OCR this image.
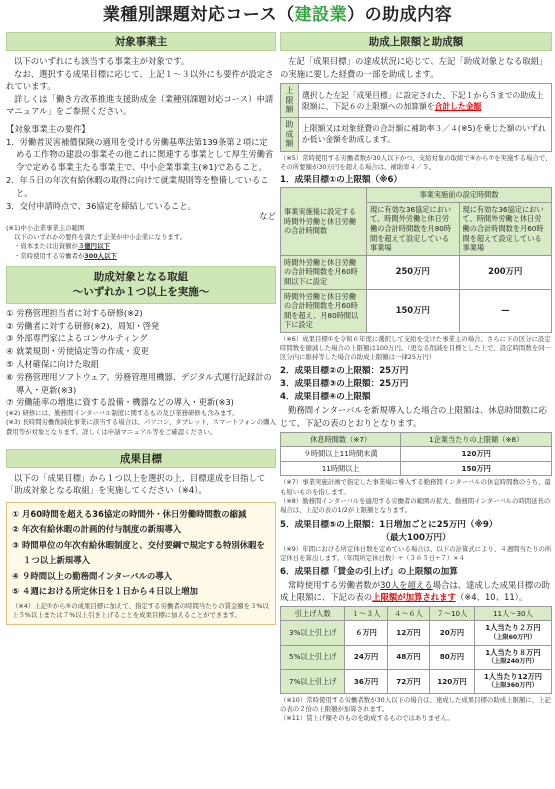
業種別課題対応コース（建設業）の助成内容
対象事業主

以下のいずれにも該当する事業主が対象です。

なお、選択する成果目標に応じて、上記１～３以外にも要件が設定されています。

詳しくは「働き方改革推進支援助成金（業種別課題対応コース）申請マニュアル」をご参照ください。

【対象事業主の要件】

1．労働者災害補償保険の適用を受ける労働基準法第139条第２項に定める工作物の建設の事業その他これに関連する事業として厚生労働省令で定める事業主たる事業主で、中小企業事業主(※1)であること。
2．年５日の年次有給休暇の取得に向けて就業規則等を整備していること。
3．交付申請時点で、36協定を締結していること。

など

(※1)中小企業事業主の範囲
以下のいずれかの要件を満たす企業が中小企業になります。
・資本または出資額が３億円以下
・常時使用する労働者が300人以下
助成対象となる取組
～いずれか１つ以上を実施～
① 労務管理担当者に対する研修(※2)
② 労働者に対する研修(※2)、周知・啓発
③ 外部専門家によるコンサルティング
④ 就業規則・労使協定等の作成・変更
⑤ 人材確保に向けた取組
⑥ 労務管理用ソフトウェア、労務管理用機器、デジタル式運行記録計の導入・更新(※3)
⑦ 労働能率の増進に資する設備・機器などの導入・更新(※3)
(※2) 研修には、勤務間インターバル制度に関するもの及び業務研修も含みます。
(※3) 長時間労働削減化事業に該当する場合は、パソコン、タブレット、スマートフォンの購入費用等が対象となります。詳しくは申請マニュアル等をご確認ください。
成果目標

以下の「成果目標」から１つ以上を選択の上、目標達成を目指して「助成対象となる取組」を実施してください（※4）。

① 月60時間を超える36協定の時間外・休日労働時間数の縮減
② 年次有給休暇の計画的付与制度の新規導入
③ 時間単位の年次有給休暇制度と、交付要綱で規定する特別休暇を１つ以上新規導入
④ ９時間以上の勤務間インターバルの導入
⑤ ４週における所定休日を１日から４日以上増加
（※4）上記①から⑤の成果目標に加えて、指定する労働者の時間当たりの賃金額を３%以上５%以上または７%以上引き上げることを成果目標に加えることができます。
助成上限額と助成額

左記「成果目標」の達成状況に応じて、左記「助成対象となる取組」の実施に要した経費の一部を助成します。

上限額	選択した左記「成果目標」に設定された、下記１から５までの助成上限額に、下記６の上限額への加算額を合計した金額
助成額	上限額又は対象経費の合計額に補助率３／４(※5)を乗じた額のいずれか低い金額を助成します。
（※5）常時使用する労働者数が30人以下かつ、支給対象の取組で⑥から⑦を実施する場合で、その所要額が30万円を超える場合は、補助率４／５。
1．成果目標①の上限額（※6）
事業実施後に設定する時間外労働と休日労働の合計時間数	事業実施前の設定時間数	
	現に有効な36協定において、時間外労働と休日労働の合計時間数を月80時間を超えて設定している事業場	現に有効な36協定において、時間外労働と休日労働の合計時間数を月60時間を超えて設定している事業場
時間外労働と休日労働の合計時間数を月60時間以下に設定	250万円	200万円
時間外労働と休日労働の合計時間数を月60時間を超え、月80時間以下に設定	150万円	—
（※6）成果目標①を令和６年度に選択して支給を受けた事業主の場合、さらに下の区分に設定時間数を縮減した場合の上限額は100万円。（更なる削減を目標とした上で、設定時間数を同一区分内に維持等した場合の助成上限額は一律25万円）
2．成果目標②の上限額：25万円
3．成果目標③の上限額：25万円
4．成果目標④の上限額

勤務間インターバルを新規導入した場合の上限額は、休息時間数に応じて、下記の表のとおりとなります。

休息時間数（※7）	1企業当たりの上限額（※8）
９時間以上11時間未満	120万円
11時間以上	150万円
（※7）事業実施計画で指定した事業場に導入する勤務間インターバルの休息時間数のうち、最も短いものを指します。
（※8）勤務間インターバルを適用する労働者の範囲の拡大、勤務間インターバルの時間延長の場合は、上記の表の1/2が上限額となります。
5．成果目標⑤の上限額：1日増加ごとに25万円（※9）
（最大100万円）
（※9）年間における所定休日数を定めている場合は、以下の計算式により、４週間当たりの所定休日を算出します。（年間所定休日数）÷（３６５日÷７）×４
6．成果目標「賃金の引上げ」の上限額の加算

常時使用する労働者数が30人を超える場合は、達成した成果目標の助成上限額に、下記の表の上限額が加算されます（※4、10、11）。

引上げ人数	１～３人	４～６人	７～10人	11人～30人
3%以上引上げ	６万円	12万円	20万円	1人当たり２万円
（上限60万円）

5%以上引上げ	24万円	48万円	80万円	1人当たり８万円
（上限240万円）

7%以上引上げ	36万円	72万円	120万円	1人当たり12万円
（上限360万円）
（※10）常時使用する労働者数が30人以下の場合は、達成した成果目標の助成上限額に、上記の表の２倍の上限額が加算されます。
（※11）賃上げ額そのものを助成するものではありません。
